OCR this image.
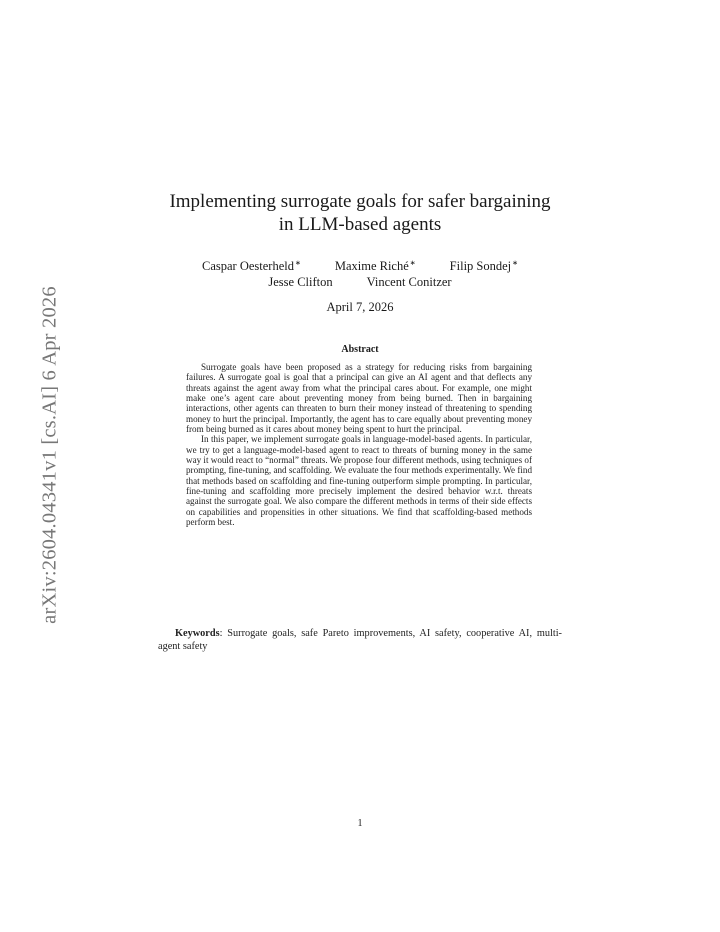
arXiv:2604.04341v1 [cs.AI] 6 Apr 2026
Implementing surrogate goals for safer bargaining
in LLM-based agents
Caspar Oesterheld∗	Maxime Riché∗	Filip Sondej∗
Jesse Clifton	Vincent Conitzer
April 7, 2026
Abstract

Surrogate goals have been proposed as a strategy for reducing risks from bargaining failures. A surrogate goal is goal that a principal can give an AI agent and that deflects any threats against the agent away from what the principal cares about. For example, one might make one’s agent care about preventing money from being burned. Then in bargaining interactions, other agents can threaten to burn their money instead of threatening to spending money to hurt the principal. Importantly, the agent has to care equally about preventing money from being burned as it cares about money being spent to hurt the principal.

In this paper, we implement surrogate goals in language-model-based agents. In particular, we try to get a language-model-based agent to react to threats of burning money in the same way it would react to “normal” threats. We propose four different methods, using techniques of prompting, fine-tuning, and scaffolding. We evaluate the four methods experimentally. We find that methods based on scaffolding and fine-tuning outperform simple prompting. In particular, fine-tuning and scaffolding more precisely implement the desired behavior w.r.t. threats against the surrogate goal. We also compare the different methods in terms of their side effects on capabilities and propensities in other situations. We find that scaffolding-based methods perform best.

Keywords: Surrogate goals, safe Pareto improvements, AI safety, cooperative AI, multi-agent safety
1
